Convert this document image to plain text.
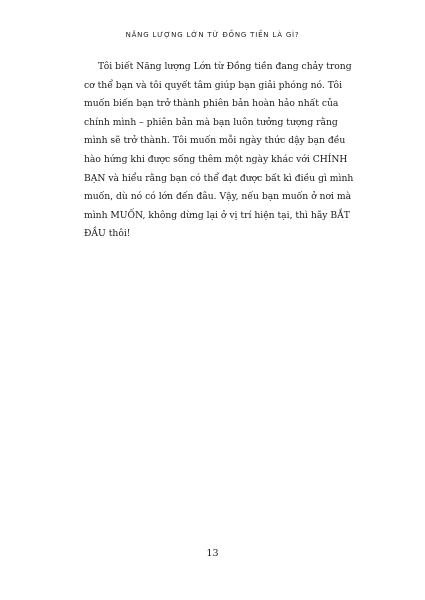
NĂNG LƯỢNG LỚN TỪ ĐỒNG TIỀN LÀ GÌ?
Tôi biết Năng lượng Lớn từ Đồng tiền đang chảy trong
cơ thể bạn và tôi quyết tâm giúp bạn giải phóng nó. Tôi
muốn biến bạn trở thành phiên bản hoàn hảo nhất của
chính mình – phiên bản mà bạn luôn tưởng tượng rằng
mình sẽ trở thành. Tôi muốn mỗi ngày thức dậy bạn đều
hào hứng khi được sống thêm một ngày khác với CHÍNH
BẠN và hiểu rằng bạn có thể đạt được bất kì điều gì mình
muốn, dù nó có lớn đến đâu. Vậy, nếu bạn muốn ở nơi mà
mình MUỐN, không dừng lại ở vị trí hiện tại, thì hãy BẮT
ĐẦU thôi!
13
